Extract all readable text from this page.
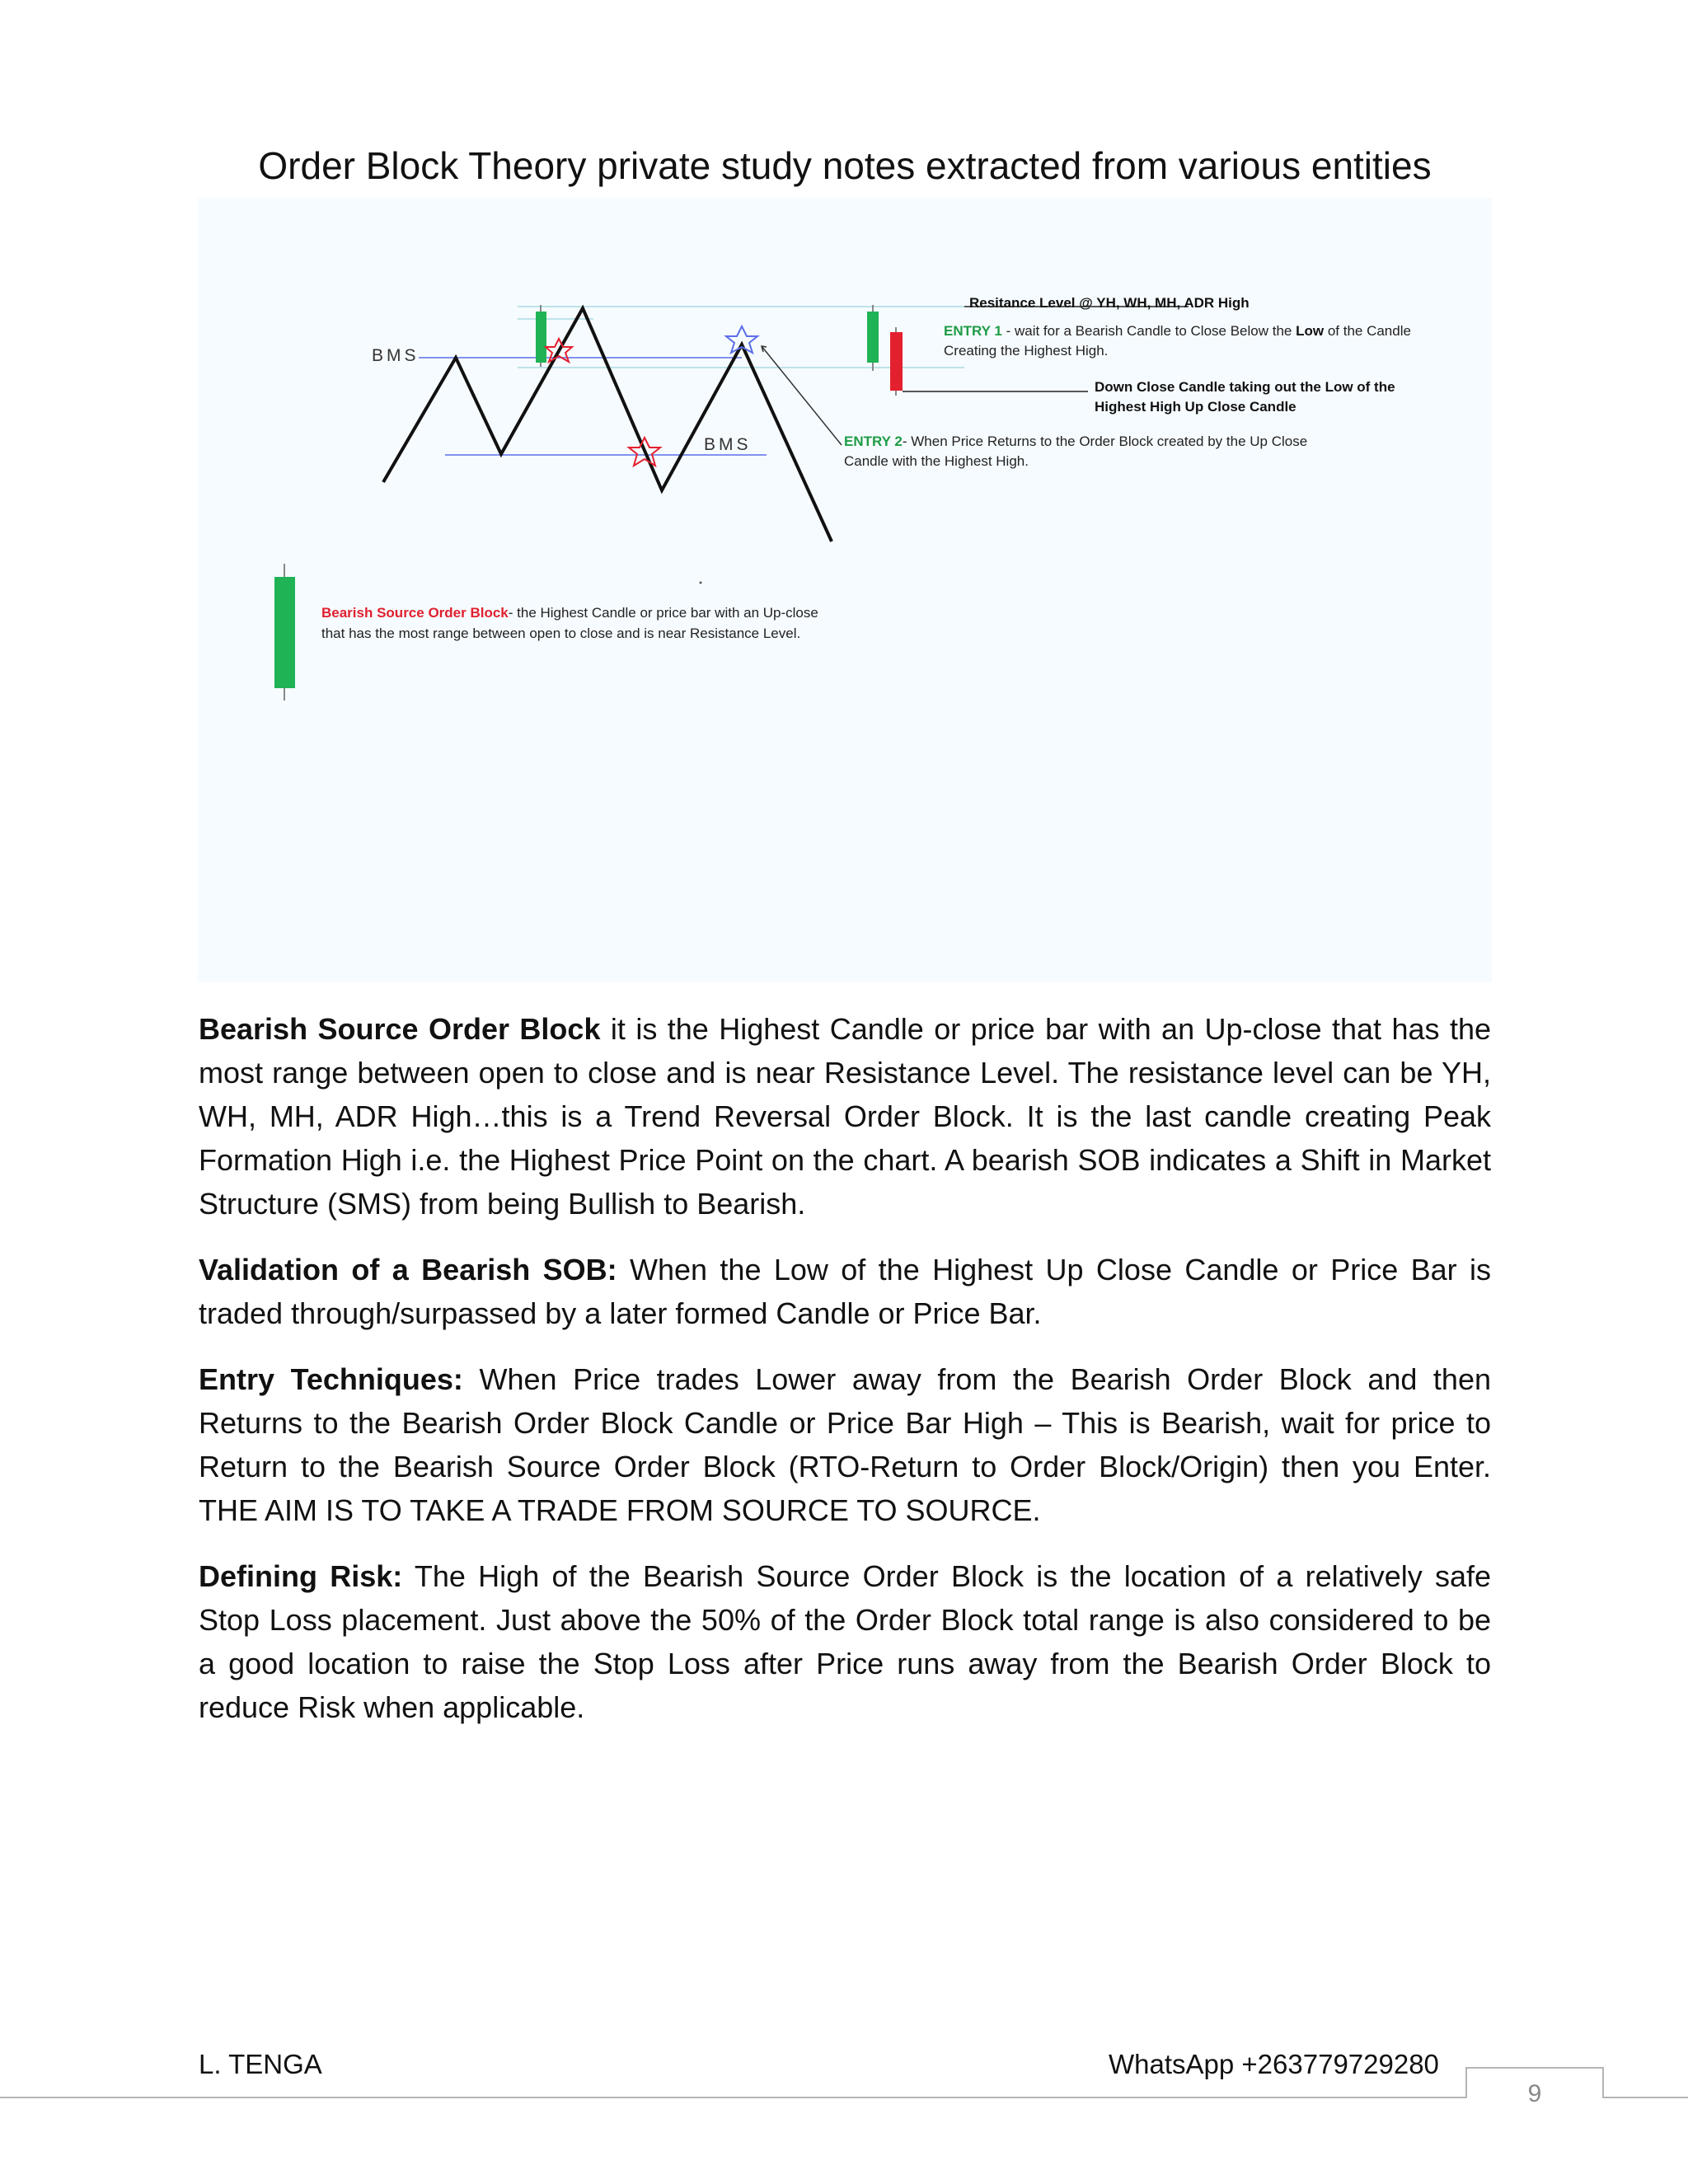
Order Block Theory private study notes extracted from various entities
Resitance Level @ YH, WH, MH, ADR High
ENTRY 1 - wait for a Bearish Candle to Close Below the Low of the Candle
Creating the Highest High.
Down Close Candle taking out the Low of the
Highest High Up Close Candle
ENTRY 2- When Price Returns to the Order Block created by the Up Close
Candle with the Highest High.
BMS
BMS
Bearish Source Order Block- the Highest Candle or price bar with an Up-close
that has the most range between open to close and is near Resistance Level.

Bearish Source Order Block it is the Highest Candle or price bar with an Up-close that has the most range between open to close and is near Resistance Level. The resistance level can be YH, WH, MH, ADR High…this is a Trend Reversal Order Block. It is the last candle creating Peak Formation High i.e. the Highest Price Point on the chart. A bearish SOB indicates a Shift in Market Structure (SMS) from being Bullish to Bearish.

Validation of a Bearish SOB: When the Low of the Highest Up Close Candle or Price Bar is traded through/surpassed by a later formed Candle or Price Bar.

Entry Techniques: When Price trades Lower away from the Bearish Order Block and then Returns to the Bearish Order Block Candle or Price Bar High – This is Bearish, wait for price to Return to the Bearish Source Order Block (RTO-Return to Order Block/Origin) then you Enter. THE AIM IS TO TAKE A TRADE FROM SOURCE TO SOURCE.

Defining Risk: The High of the Bearish Source Order Block is the location of a relatively safe Stop Loss placement. Just above the 50% of the Order Block total range is also considered to be a good location to raise the Stop Loss after Price runs away from the Bearish Order Block to reduce Risk when applicable.

L. TENGA	WhatsApp +263779729280
9
